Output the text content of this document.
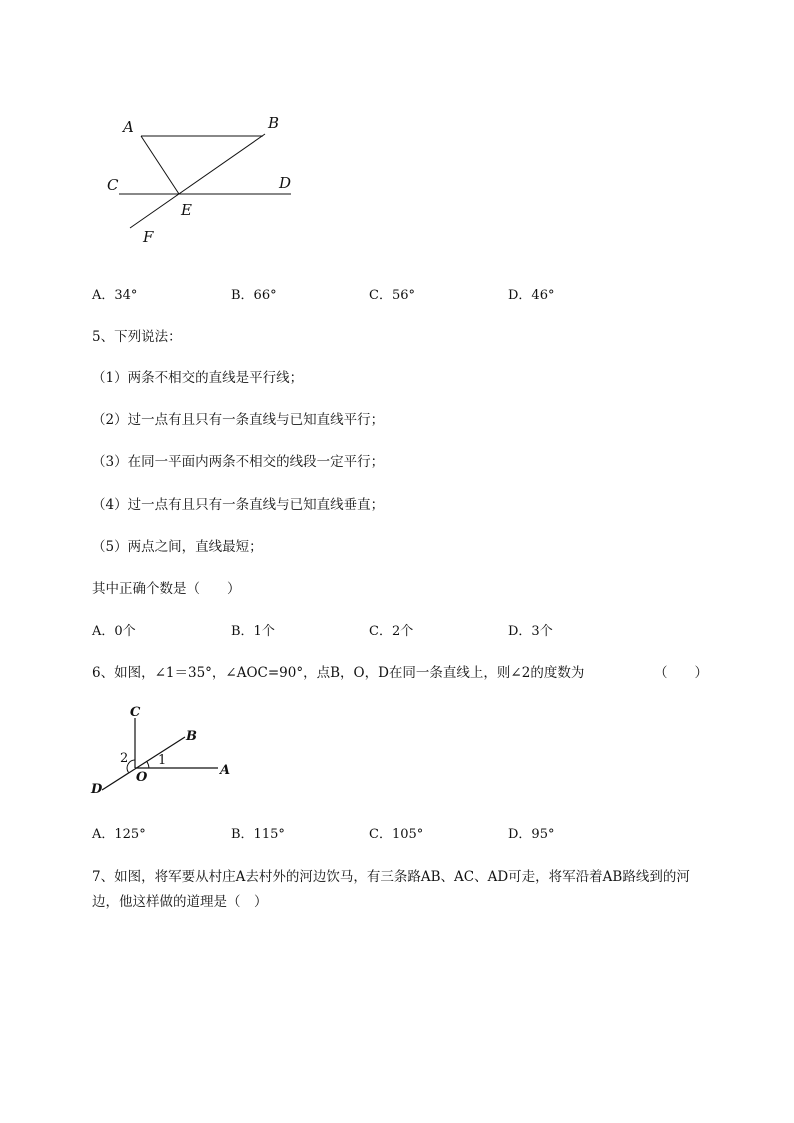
A	B
C	D
E
F
A．34°	B．66°	C．56°	D．46°
5、下列说法：
（1）两条不相交的直线是平行线；
（2）过一点有且只有一条直线与已知直线平行；
（3）在同一平面内两条不相交的线段一定平行；
（4）过一点有且只有一条直线与已知直线垂直；
（5）两点之间，直线最短；
其中正确个数是（　　）
A．0个	B．1个	C．2个	D．3个
6、如图，∠1＝35°，∠AOC=90°，点B，O，D在同一条直线上，则∠2的度数为	（　　）
C
B
2 1
O	A
D
A．125°	B．115°	C．105°	D．95°
7、如图，将军要从村庄A去村外的河边饮马，有三条路AB、AC、AD可走，将军沿着AB路线到的河
边，他这样做的道理是（　）
